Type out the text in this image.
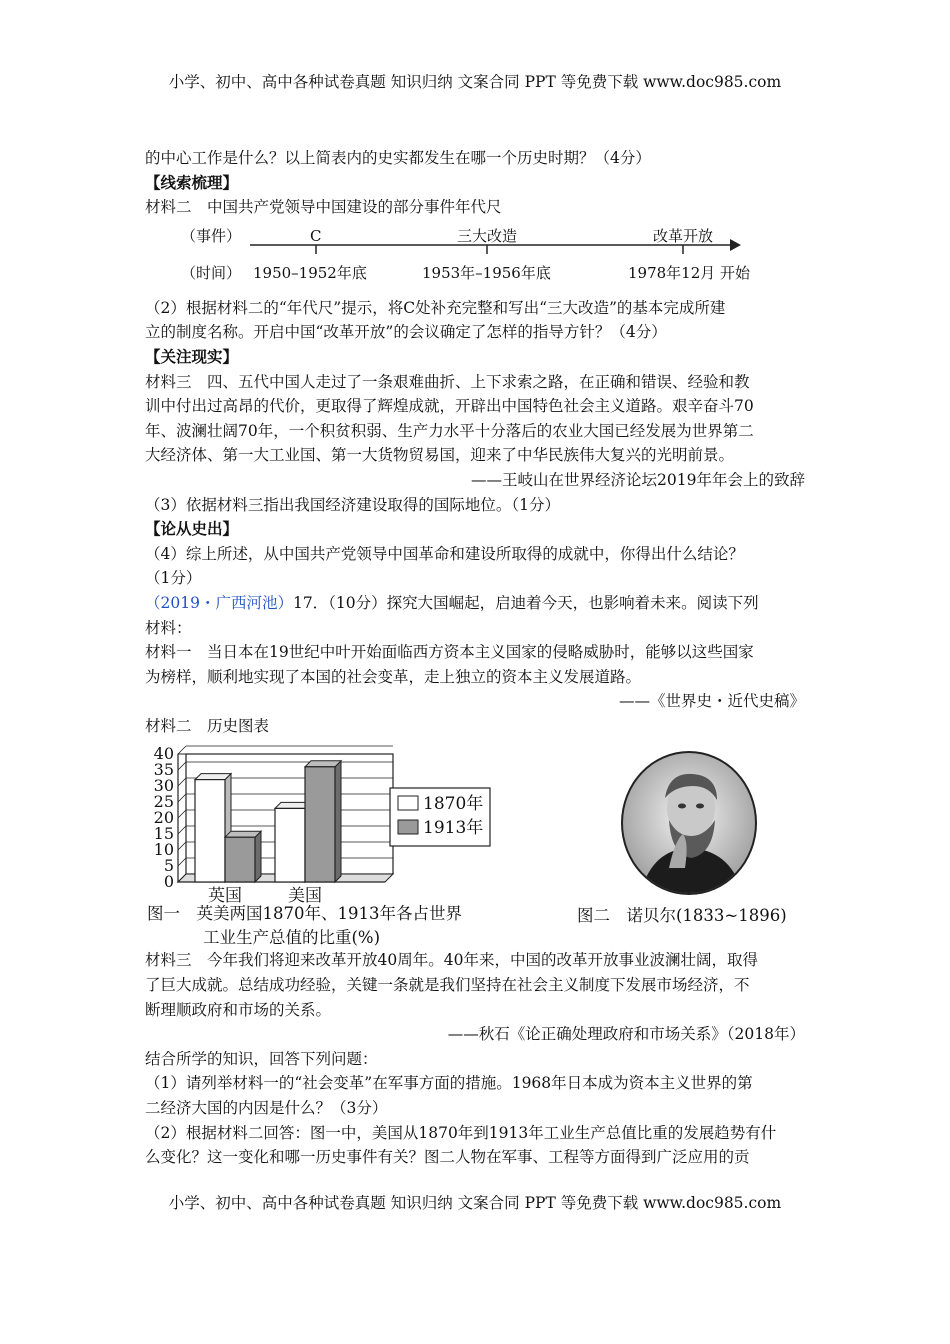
小学、初中、高中各种试卷真题 知识归纳 文案合同 PPT 等免费下载 www.doc985.com

的中心工作是什么？以上简表内的史实都发生在哪一个历史时期？（4分）

【线索梳理】

材料二　中国共产党领导中国建设的部分事件年代尺

（事件）	C	三大改造	改革开放
（时间） 1950–1952年底	1953年–1956年底	1978年12月 开始

（2）根据材料二的“年代尺”提示，将C处补充完整和写出“三大改造”的基本完成所建

立的制度名称。开启中国“改革开放”的会议确定了怎样的指导方针？（4分）

【关注现实】

材料三　四、五代中国人走过了一条艰难曲折、上下求索之路，在正确和错误、经验和教

训中付出过高昂的代价，更取得了辉煌成就，开辟出中国特色社会主义道路。艰辛奋斗70

年、波澜壮阔70年，一个积贫积弱、生产力水平十分落后的农业大国已经发展为世界第二

大经济体、第一大工业国、第一大货物贸易国，迎来了中华民族伟大复兴的光明前景。

——王岐山在世界经济论坛2019年年会上的致辞

（3）依据材料三指出我国经济建设取得的国际地位。（1分）

【论从史出】

（4）综上所述，从中国共产党领导中国革命和建设所取得的成就中，你得出什么结论？

（1分）

（2019・广西河池）17．（10分）探究大国崛起，启迪着今天，也影响着未来。阅读下列

材料：

材料一　当日本在19世纪中叶开始面临西方资本主义国家的侵略威胁时，能够以这些国家

为榜样，顺利地实现了本国的社会变革，走上独立的资本主义发展道路。

——《世界史・近代史稿》

材料二　历史图表

0
5
10
15
20
25
30
35
40
英国	美国
1870年
1913年
图一　英美两国1870年、1913年各占世界
工业生产总值的比重(%)
图二　诺贝尔(1833~1896)

材料三　今年我们将迎来改革开放40周年。40年来，中国的改革开放事业波澜壮阔，取得

了巨大成就。总结成功经验，关键一条就是我们坚持在社会主义制度下发展市场经济，不

断理顺政府和市场的关系。

——秋石《论正确处理政府和市场关系》（2018年）

结合所学的知识，回答下列问题：

（1）请列举材料一的“社会变革”在军事方面的措施。1968年日本成为资本主义世界的第

二经济大国的内因是什么？（3分）

（2）根据材料二回答：图一中，美国从1870年到1913年工业生产总值比重的发展趋势有什

么变化？这一变化和哪一历史事件有关？图二人物在军事、工程等方面得到广泛应用的贡

小学、初中、高中各种试卷真题 知识归纳 文案合同 PPT 等免费下载 www.doc985.com
